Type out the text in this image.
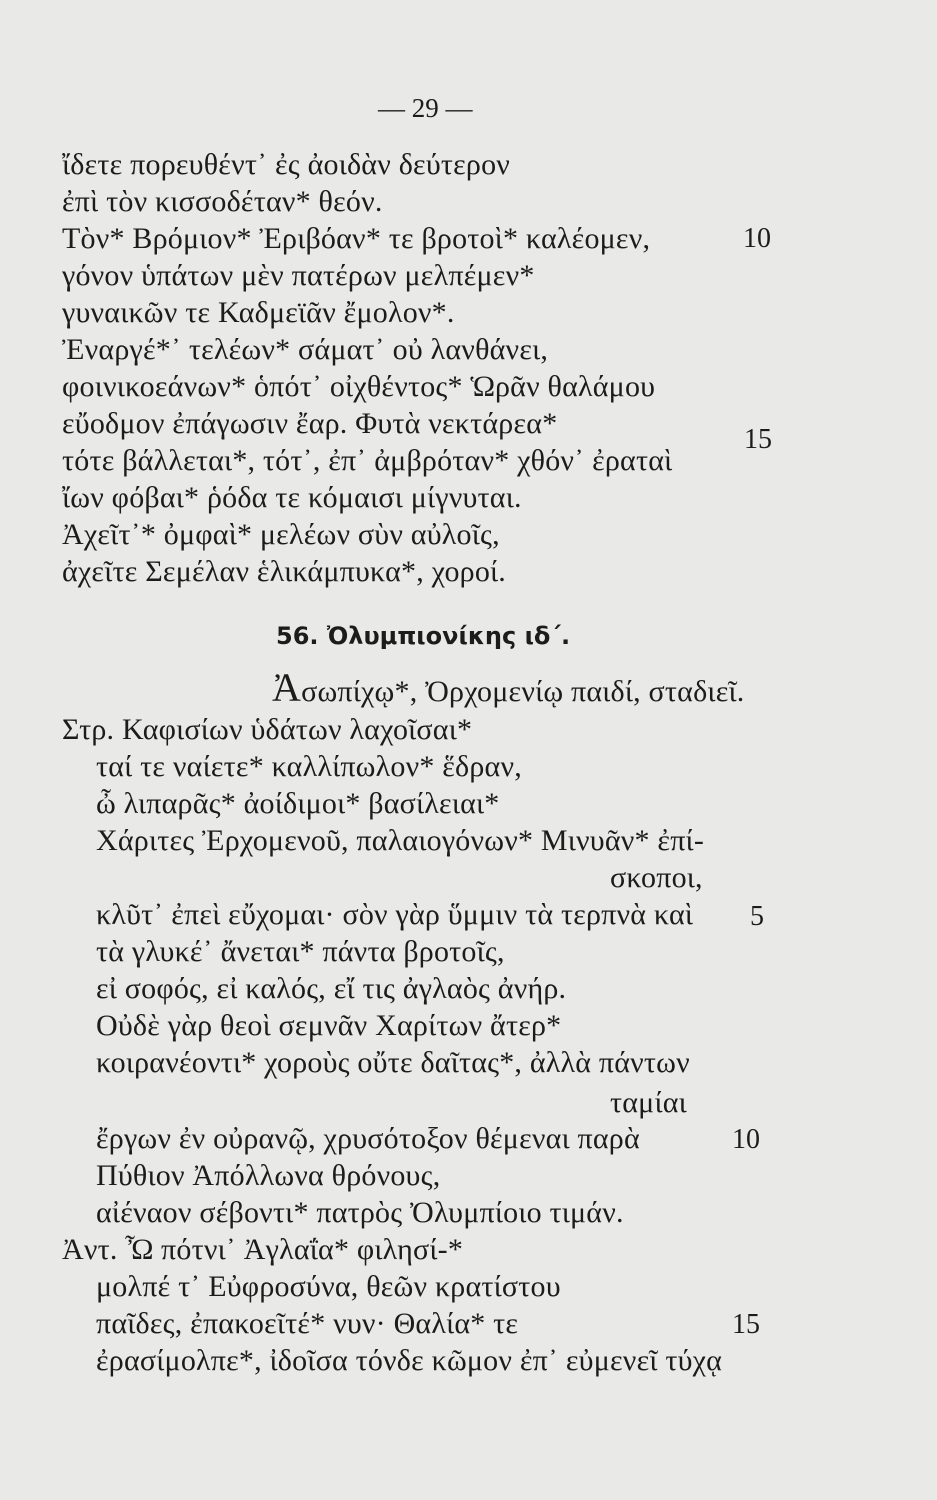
— 29 —
ἴδετε πορευθέντ᾽ ἐς ἀοιδὰν δεύτερον
ἐπὶ τὸν κισσοδέταν* θεόν.
Τὸν* Βρόμιον* Ἐριβόαν* τε βροτοὶ* καλέομεν,	10
γόνον ὑπάτων μὲν πατέρων μελπέμεν*
γυναικῶν τε Καδμεϊᾶν ἔμολον*.
Ἐναργέ*᾽ τελέων* σάματ᾽ οὐ λανθάνει,
φοινικοεάνων* ὁπότ᾽ οἰχθέντος* Ὡρᾶν θαλάμου
εὔοδμον ἐπάγωσιν ἔαρ. Φυτὰ νεκτάρεα*	15
τότε βάλλεται*, τότ᾽, ἐπ᾽ ἀμβρόταν* χθόν᾽ ἐραταὶ
ἴων φόβαι* ῥόδα τε κόμαισι μίγνυται.
Ἀχεῖτ᾽* ὀμφαὶ* μελέων σὺν αὐλοῖς,
ἀχεῖτε Σεμέλαν ἑλικάμπυκα*, χοροί.
56. Ὀλυμπιονίκης ιδ΄.
Ἀσωπίχῳ*, Ὀρχομενίῳ παιδί, σταδιεῖ.
Στρ. Καφισίων ὑδάτων λαχοῖσαι*
ταί τε ναίετε* καλλίπωλον* ἕδραν,
ὦ λιπαρᾶς* ἀοίδιμοι* βασίλειαι*
Χάριτες Ἐρχομενοῦ, παλαιογόνων* Μινυᾶν* ἐπί-
σκοποι,
κλῦτ᾽ ἐπεὶ εὔχομαι· σὸν γὰρ ὕμμιν τὰ τερπνὰ καὶ 5
τὰ γλυκέ᾽ ἄνεται* πάντα βροτοῖς,
εἰ σοφός, εἰ καλός, εἴ τις ἀγλαὸς ἀνήρ.
Οὐδὲ γὰρ θεοὶ σεμνᾶν Χαρίτων ἄτερ*
κοιρανέοντι* χοροὺς οὔτε δαῖτας*, ἀλλὰ πάντων
ταμίαι
ἔργων ἐν οὐρανῷ, χρυσότοξον θέμεναι παρὰ	10
Πύθιον Ἀπόλλωνα θρόνους,
αἰέναον σέβοντι* πατρὸς Ὀλυμπίοιο τιμάν.
Ἀντ. Ὦ πότνι᾽ Ἀγλαΐα* φιλησί-*
μολπέ τ᾽ Εὐφροσύνα, θεῶν κρατίστου
παῖδες, ἐπακοεῖτέ* νυν· Θαλία* τε	15
ἐρασίμολπε*, ἰδοῖσα τόνδε κῶμον ἐπ᾽ εὐμενεῖ τύχᾳ
